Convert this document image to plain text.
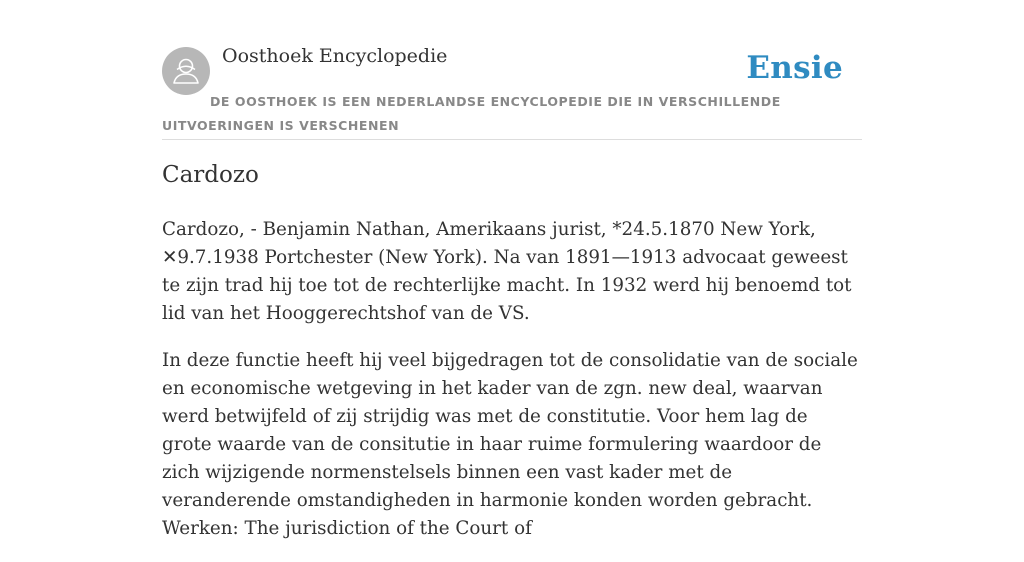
Oosthoek Encyclopedie	Ensie
DE OOSTHOEK IS EEN NEDERLANDSE ENCYCLOPEDIE DIE IN VERSCHILLENDE UITVOERINGEN IS VERSCHENEN
Cardozo

Cardozo, - Benjamin Nathan, Amerikaans jurist, *24.5.1870 New York, ✕9.7.1938 Portchester (New York). Na van 1891—1913 advocaat geweest te zijn trad hij toe tot de rechterlijke macht. In 1932 werd hij benoemd tot lid van het Hooggerechtshof van de VS.

In deze functie heeft hij veel bijgedragen tot de consolidatie van de sociale en economische wetgeving in het kader van de zgn. new deal, waarvan werd betwijfeld of zij strijdig was met de constitutie. Voor hem lag de grote waarde van de consitutie in haar ruime formulering waardoor de zich wijzigende normenstelsels binnen een vast kader met de veranderende omstandigheden in harmonie konden worden gebracht. Werken: The jurisdiction of the Court of
